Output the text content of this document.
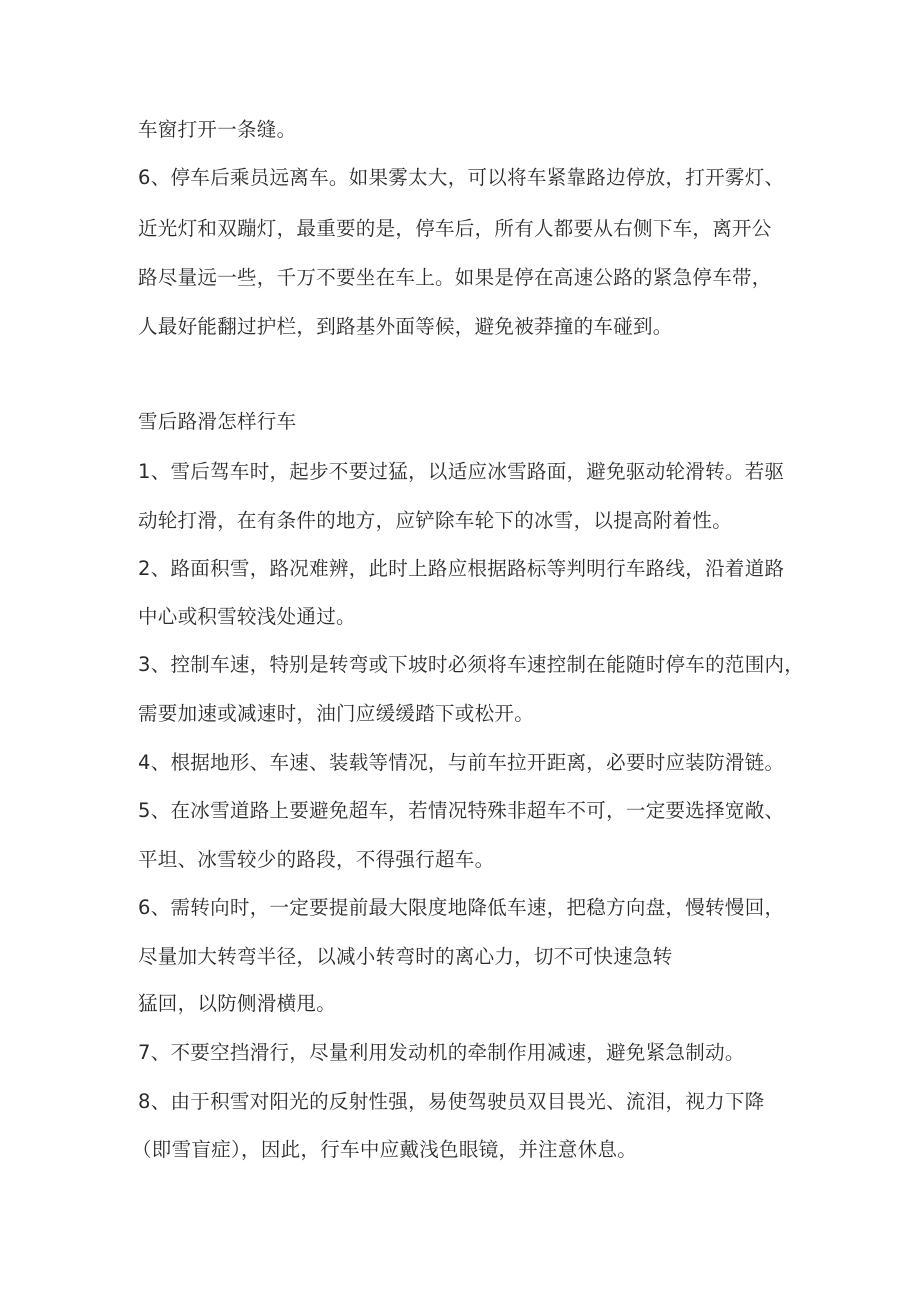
车窗打开一条缝。
6、停车后乘员远离车。如果雾太大，可以将车紧靠路边停放，打开雾灯、
近光灯和双蹦灯，最重要的是，停车后，所有人都要从右侧下车，离开公
路尽量远一些，千万不要坐在车上。如果是停在高速公路的紧急停车带，
人最好能翻过护栏，到路基外面等候，避免被莽撞的车碰到。
雪后路滑怎样行车
1、雪后驾车时，起步不要过猛，以适应冰雪路面，避免驱动轮滑转。若驱
动轮打滑，在有条件的地方，应铲除车轮下的冰雪，以提高附着性。
2、路面积雪，路况难辨，此时上路应根据路标等判明行车路线，沿着道路
中心或积雪较浅处通过。
3、控制车速，特别是转弯或下坡时必须将车速控制在能随时停车的范围内，
需要加速或减速时，油门应缓缓踏下或松开。
4、根据地形、车速、装载等情况，与前车拉开距离，必要时应装防滑链。
5、在冰雪道路上要避免超车，若情况特殊非超车不可，一定要选择宽敞、
平坦、冰雪较少的路段，不得强行超车。
6、需转向时，一定要提前最大限度地降低车速，把稳方向盘，慢转慢回，
尽量加大转弯半径，以减小转弯时的离心力，切不可快速急转
猛回，以防侧滑横甩。
7、不要空挡滑行，尽量利用发动机的牵制作用减速，避免紧急制动。
8、由于积雪对阳光的反射性强，易使驾驶员双目畏光、流泪，视力下降
（即雪盲症），因此，行车中应戴浅色眼镜，并注意休息。
